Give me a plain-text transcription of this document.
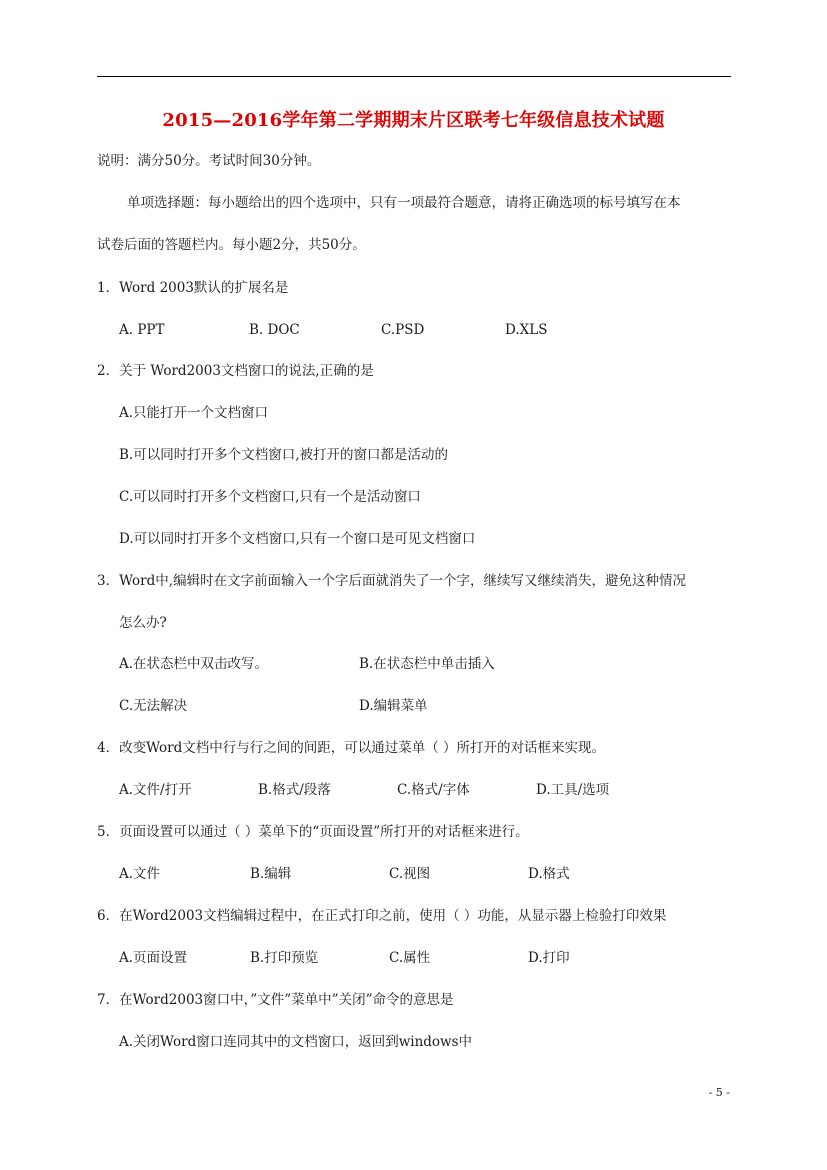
2015—2016学年第二学期期末片区联考七年级信息技术试题
说明：满分50分。考试时间30分钟。
单项选择题：每小题给出的四个选项中，只有一项最符合题意，请将正确选项的标号填写在本
试卷后面的答题栏内。每小题2分，共50分。
1．Word 2003默认的扩展名是
A. PPT	B. DOC	C.PSD	D.XLS
2．关于 Word2003文档窗口的说法,正确的是
A.只能打开一个文档窗口
B.可以同时打开多个文档窗口,被打开的窗口都是活动的
C.可以同时打开多个文档窗口,只有一个是活动窗口
D.可以同时打开多个文档窗口,只有一个窗口是可见文档窗口
3．Word中,编辑时在文字前面输入一个字后面就消失了一个字，继续写又继续消失，避免这种情况
怎么办?
A.在状态栏中双击改写。	B.在状态栏中单击插入
C.无法解决	D.编辑菜单
4．改变Word文档中行与行之间的间距，可以通过菜单（ ）所打开的对话框来实现。
A.文件/打开	B.格式/段落	C.格式/字体	D.工具/选项
5．页面设置可以通过（ ）菜单下的“页面设置”所打开的对话框来进行。
A.文件	B.编辑	C.视图	D.格式
6．在Word2003文档编辑过程中，在正式打印之前，使用（ ）功能，从显示器上检验打印效果
A.页面设置	B.打印预览	C.属性	D.打印
7．在Word2003窗口中，”文件”菜单中”关闭”命令的意思是
A.关闭Word窗口连同其中的文档窗口，返回到windows中
- 5 -
